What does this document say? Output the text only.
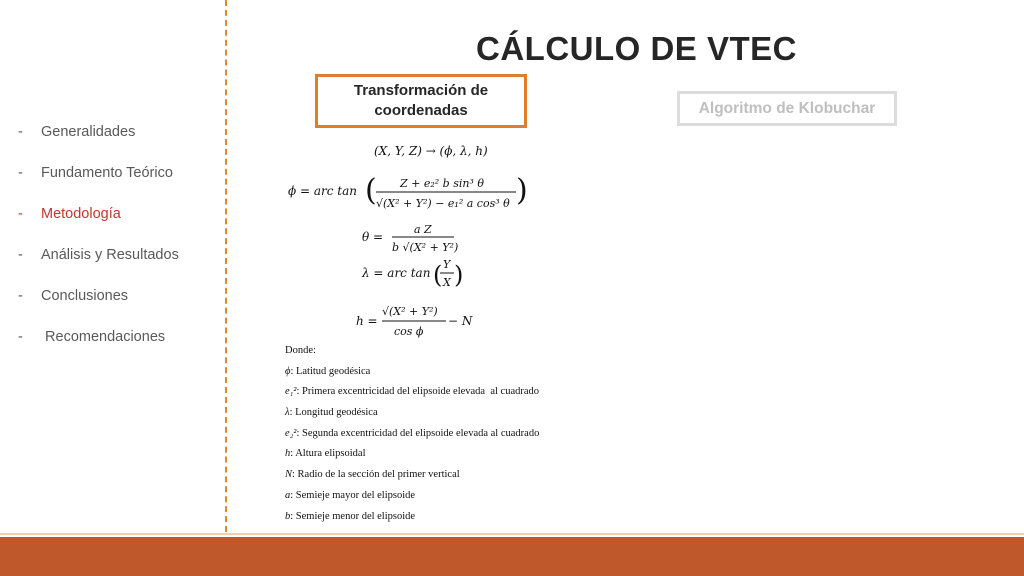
-	Generalidades
-	Fundamento Teórico
-	Metodología
-	Análisis y Resultados
-	Conclusiones
-	Recomendaciones
CÁLCULO DE VTEC
Transformación de coordenadas	Algoritmo de Klobuchar
(X, Y, Z) → (ϕ, λ, h)
ϕ = arc tan ( Z + e₂² b sin³ θ
√(X² + Y²) − e₁² a cos³ θ )
θ =
a Z
b √(X² + Y²)
λ = arc tan ( Y
X )
h =
√(X² + Y²)
cos ϕ
− N
Donde:
ϕ: Latitud geodésica
e₁²: Primera excentricidad del elipsoide elevada  al cuadrado
λ: Longitud geodésica
e₂²: Segunda excentricidad del elipsoide elevada al cuadrado
h: Altura elipsoidal
N: Radio de la sección del primer vertical
a: Semieje mayor del elipsoide
b: Semieje menor del elipsoide
